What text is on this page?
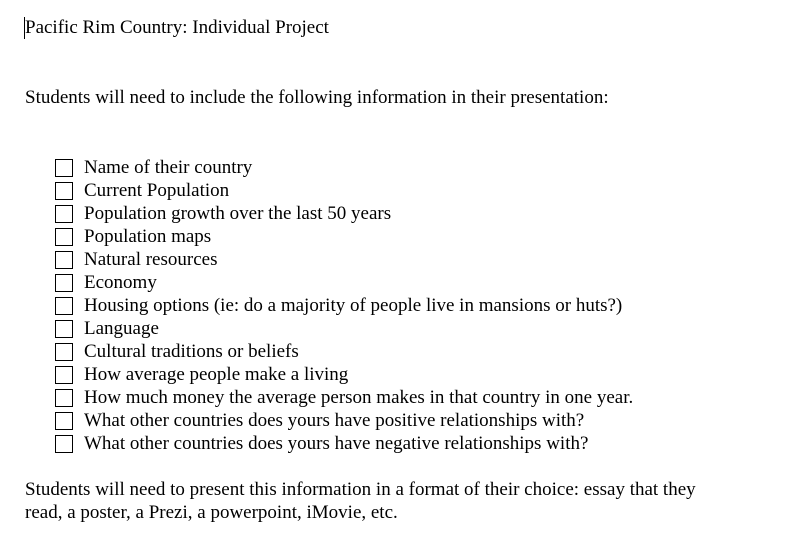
Pacific Rim Country: Individual Project
Students will need to include the following information in their presentation:
Name of their country
Current Population
Population growth over the last 50 years
Population maps
Natural resources
Economy
Housing options (ie: do a majority of people live in mansions or huts?)
Language
Cultural traditions or beliefs
How average people make a living
How much money the average person makes in that country in one year.
What other countries does yours have positive relationships with?
What other countries does yours have negative relationships with?
Students will need to present this information in a format of their choice: essay that they
read, a poster, a Prezi, a powerpoint, iMovie, etc.
